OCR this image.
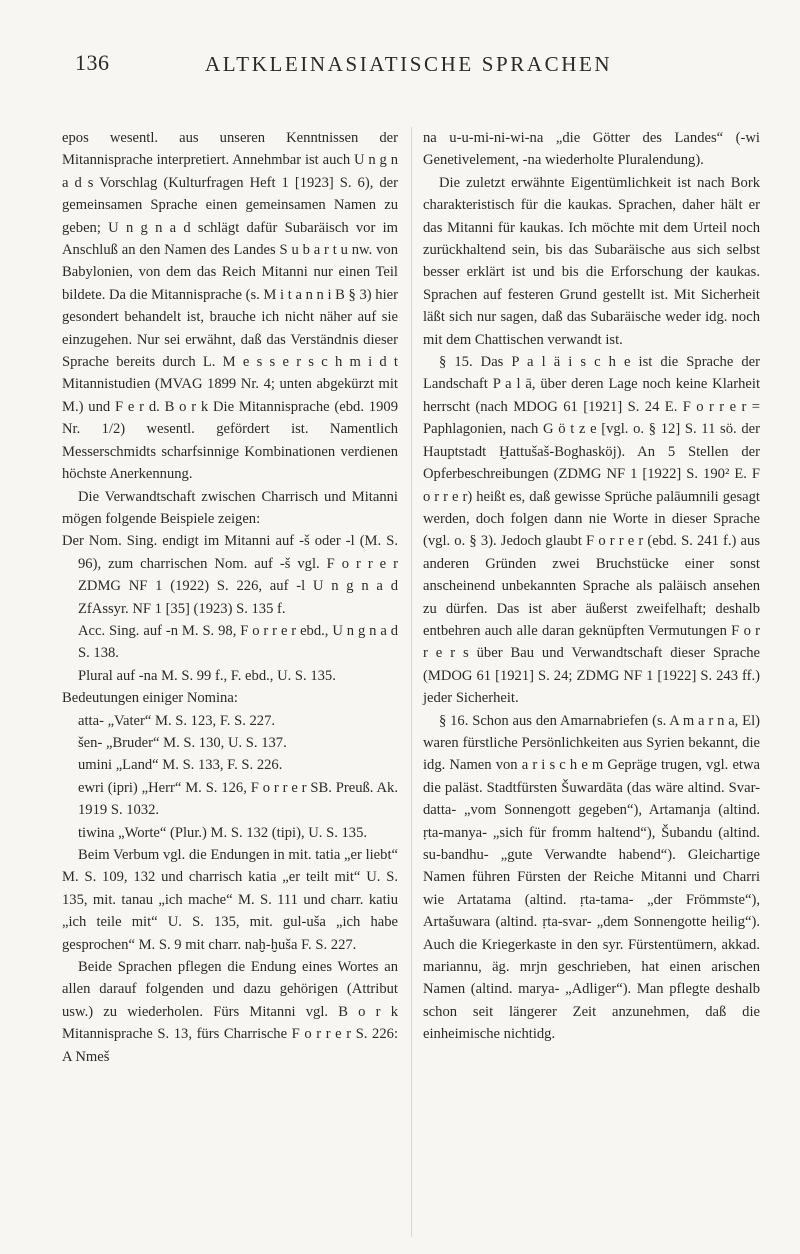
136	ALTKLEINASIATISCHE SPRACHEN

epos wesentl. aus unseren Kenntnissen der Mitannisprache interpretiert. Annehmbar ist auch U n g n a d s Vorschlag (Kulturfragen Heft 1 [1923] S. 6), der gemeinsamen Sprache einen gemeinsamen Namen zu geben; U n g n a d schlägt dafür Subaräisch vor im Anschluß an den Namen des Landes S u b a r t u nw. von Babylonien, von dem das Reich Mitanni nur einen Teil bildete. Da die Mitannisprache (s. M i t a n n i B § 3) hier gesondert behandelt ist, brauche ich nicht näher auf sie einzugehen. Nur sei erwähnt, daß das Verständnis dieser Sprache bereits durch L. M e s s e r s c h m i d t Mitannistudien (MVAG 1899 Nr. 4; unten abgekürzt mit M.) und F e r d. B o r k Die Mitannisprache (ebd. 1909 Nr. 1/2) wesentl. gefördert ist. Namentlich Messerschmidts scharfsinnige Kombinationen verdienen höchste Anerkennung.

Die Verwandtschaft zwischen Charrisch und Mitanni mögen folgende Beispiele zeigen:

Der Nom. Sing. endigt im Mitanni auf -š oder -l (M. S. 96), zum charrischen Nom. auf -š vgl. F o r r e r ZDMG NF 1 (1922) S. 226, auf -l U n g n a d ZfAssyr. NF 1 [35] (1923) S. 135 f.

Acc. Sing. auf -n M. S. 98, F o r r e r ebd., U n g n a d S. 138.

Plural auf -na M. S. 99 f., F. ebd., U. S. 135.

Bedeutungen einiger Nomina:

atta- „Vater“ M. S. 123, F. S. 227.

šen- „Bruder“ M. S. 130, U. S. 137.

umini „Land“ M. S. 133, F. S. 226.

ewri (ipri) „Herr“ M. S. 126, F o r r e r SB. Preuß. Ak. 1919 S. 1032.

tiwina „Worte“ (Plur.) M. S. 132 (tipi), U. S. 135.

Beim Verbum vgl. die Endungen in mit. tatia „er liebt“ M. S. 109, 132 und charrisch katia „er teilt mit“ U. S. 135, mit. tanau „ich mache“ M. S. 111 und charr. katiu „ich teile mit“ U. S. 135, mit. gul-uša „ich habe gesprochen“ M. S. 9 mit charr. naḫ-ḫuša F. S. 227.

Beide Sprachen pflegen die Endung eines Wortes an allen darauf folgenden und dazu gehörigen (Attribut usw.) zu wiederholen. Fürs Mitanni vgl. B o r k Mitannisprache S. 13, fürs Charrische F o r r e r S. 226: A Nmeš

na u-u-mi-ni-wi-na „die Götter des Landes“ (-wi Genetivelement, -na wiederholte Pluralendung).

Die zuletzt erwähnte Eigentümlichkeit ist nach Bork charakteristisch für die kaukas. Sprachen, daher hält er das Mitanni für kaukas. Ich möchte mit dem Urteil noch zurückhaltend sein, bis das Subaräische aus sich selbst besser erklärt ist und bis die Erforschung der kaukas. Sprachen auf festeren Grund gestellt ist. Mit Sicherheit läßt sich nur sagen, daß das Subaräische weder idg. noch mit dem Chattischen verwandt ist.

§ 15. Das P a l ä i s c h e ist die Sprache der Landschaft P a l ā, über deren Lage noch keine Klarheit herrscht (nach MDOG 61 [1921] S. 24 E. F o r r e r = Paphlagonien, nach G ö t z e [vgl. o. § 12] S. 11 sö. der Hauptstadt Ḫattušaš-Boghasköj). An 5 Stellen der Opferbeschreibungen (ZDMG NF 1 [1922] S. 190² E. F o r r e r) heißt es, daß gewisse Sprüche palāumnili gesagt werden, doch folgen dann nie Worte in dieser Sprache (vgl. o. § 3). Jedoch glaubt F o r r e r (ebd. S. 241 f.) aus anderen Gründen zwei Bruchstücke einer sonst anscheinend unbekannten Sprache als paläisch ansehen zu dürfen. Das ist aber äußerst zweifelhaft; deshalb entbehren auch alle daran geknüpften Vermutungen F o r r e r s über Bau und Verwandtschaft dieser Sprache (MDOG 61 [1921] S. 24; ZDMG NF 1 [1922] S. 243 ff.) jeder Sicherheit.

§ 16. Schon aus den Amarnabriefen (s. A m a r n a, El) waren fürstliche Persönlichkeiten aus Syrien bekannt, die idg. Namen von a r i s c h e m Gepräge trugen, vgl. etwa die paläst. Stadtfürsten Šuwardāta (das wäre altind. Svar-datta- „vom Sonnengott gegeben“), Artamanja (altind. ṛta-manya- „sich für fromm haltend“), Šubandu (altind. su-bandhu- „gute Verwandte habend“). Gleichartige Namen führen Fürsten der Reiche Mitanni und Charri wie Artatama (altind. ṛta-tama- „der Frömmste“), Artašuwara (altind. ṛta-svar- „dem Sonnengotte heilig“). Auch die Kriegerkaste in den syr. Fürstentümern, akkad. mariannu, äg. mrjn geschrieben, hat einen arischen Namen (altind. marya- „Adliger“). Man pflegte deshalb schon seit längerer Zeit anzunehmen, daß die einheimische nichtidg.
